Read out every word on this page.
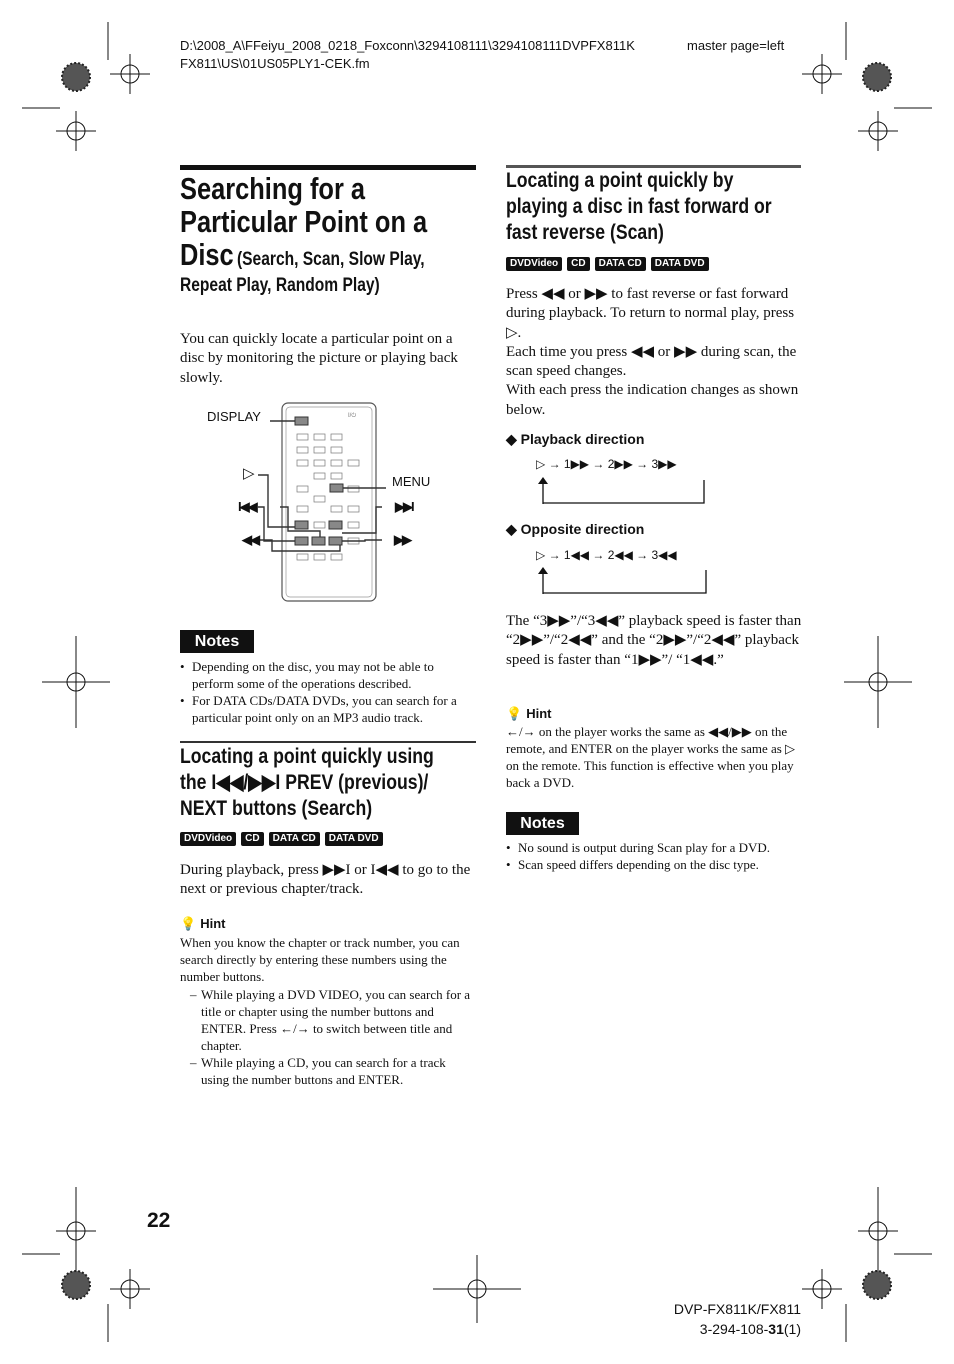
D:\2008_A\FFeiyu_2008_0218_Foxconn\3294108111\3294108111DVPFX811K	master page=left
FX811\US\01US05PLY1-CEK.fm
Searching for a
Particular Point on a
Disc (Search, Scan, Slow Play,
Repeat Play, Random Play)
You can quickly locate a particular point on a disc by monitoring the picture or playing back slowly.
I/⏻
DISPLAY
MENU
▷
I◀◀	▶▶I
◀◀	▶▶
Notes
• Depending on the disc, you may not be able to perform some of the operations described.
• For DATA CDs/DATA DVDs, you can search for a particular point only on an MP3 audio track.
Locating a point quickly using
the I◀◀/▶▶I PREV (previous)/
NEXT buttons (Search)
DVDVideo CD DATA CD DATA DVD
During playback, press ▶▶I or I◀◀ to go to the next or previous chapter/track.
💡 Hint
When you know the chapter or track number, you can search directly by entering these numbers using the number buttons.
– While playing a DVD VIDEO, you can search for a title or chapter using the number buttons and ENTER. Press ←/→ to switch between title and chapter.
– While playing a CD, you can search for a track using the number buttons and ENTER.
Locating a point quickly by
playing a disc in fast forward or
fast reverse (Scan)
DVDVideo CD DATA CD DATA DVD
Press ◀◀ or ▶▶ to fast reverse or fast forward during playback. To return to normal play, press ▷.
Each time you press ◀◀ or ▶▶ during scan, the scan speed changes.
With each press the indication changes as shown below.
◆ Playback direction
▷ → 1▶▶ → 2▶▶ → 3▶▶
◆ Opposite direction
▷ → 1◀◀ → 2◀◀ → 3◀◀
The “3▶▶”/“3◀◀” playback speed is faster than “2▶▶”/“2◀◀” and the “2▶▶”/“2◀◀” playback speed is faster than “1▶▶”/ “1◀◀.”
💡 Hint
←/→ on the player works the same as ◀◀/▶▶ on the remote, and ENTER on the player works the same as ▷ on the remote. This function is effective when you play back a DVD.
Notes
• No sound is output during Scan play for a DVD.
• Scan speed differs depending on the disc type.
22
DVP-FX811K/FX811
3-294-108-31(1)
